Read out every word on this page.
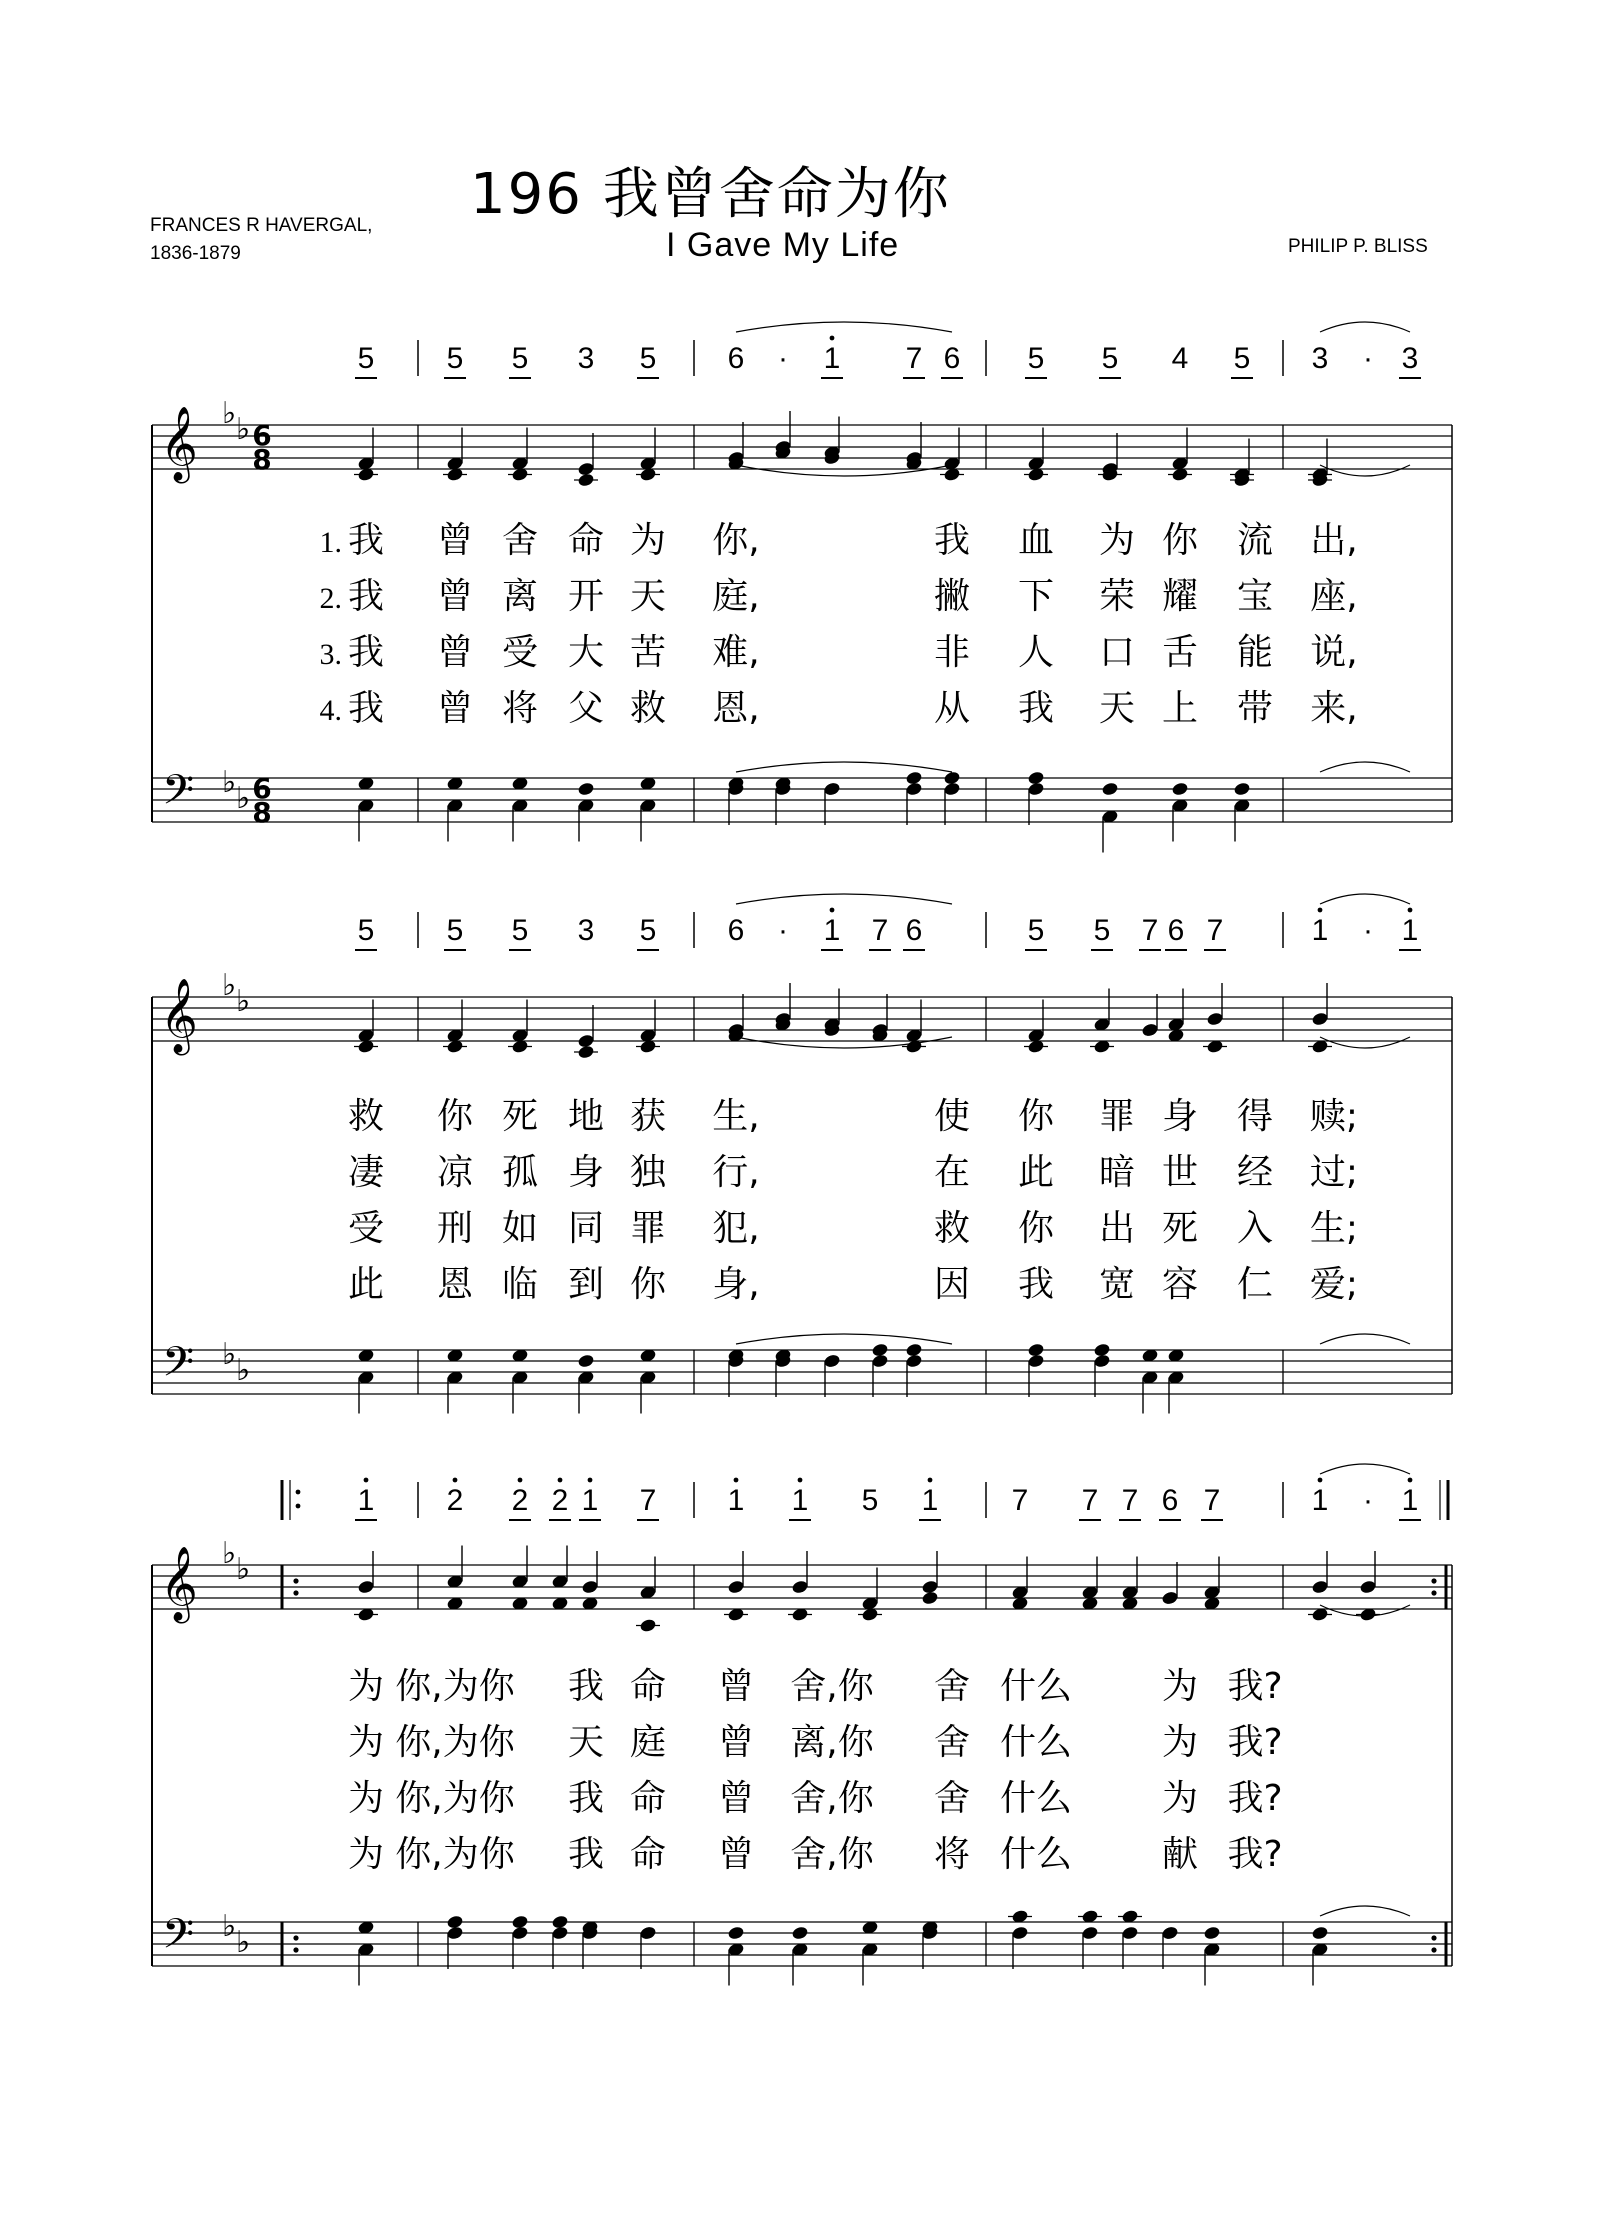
196 我曾舍命为你
I Gave My Life
FRANCES R HAVERGAL,
1836-1879	PHILIP P. BLISS
5 5 5 3 5 6 · 1 7 6 5 5 4 5 3 · 3
𝄞
𝄢
♭ ♭
♭ ♭
6
8
6
8
1. 我 曾 舍 命 为 你,	我 血 为 你 流 出,
2. 我 曾 离 开 天 庭,	撇 下 荣 耀 宝 座,
3. 我 曾 受 大 苦 难,	非 人 口 舌 能 说,
4. 我 曾 将 父 救 恩,	从 我 天 上 带 来,
5 5 5 3 5 6 · 1 7 6	5 5 7 6 7	1 · 1
𝄞
𝄢
♭ ♭
♭ ♭
救 你 死 地 获 生,	使 你 罪 身 得 赎;
凄 凉 孤 身 独 行,	在 此 暗 世 经 过;
受 刑 如 同 罪 犯,	救 你 出 死 入 生;
此 恩 临 到 你 身,	因 我 宽 容 仁 爱;
1 2 2 2 1 7 1 1 5 1 7 7 7 6 7	1 · 1
𝄞
𝄢
♭ ♭
♭ ♭
为 你,为你 我 命 曾 舍,你 舍 什么 为 我?
为 你,为你 天 庭 曾 离,你 舍 什么 为 我?
为 你,为你 我 命 曾 舍,你 舍 什么 为 我?
为 你,为你 我 命 曾 舍,你 将 什么 献 我?
